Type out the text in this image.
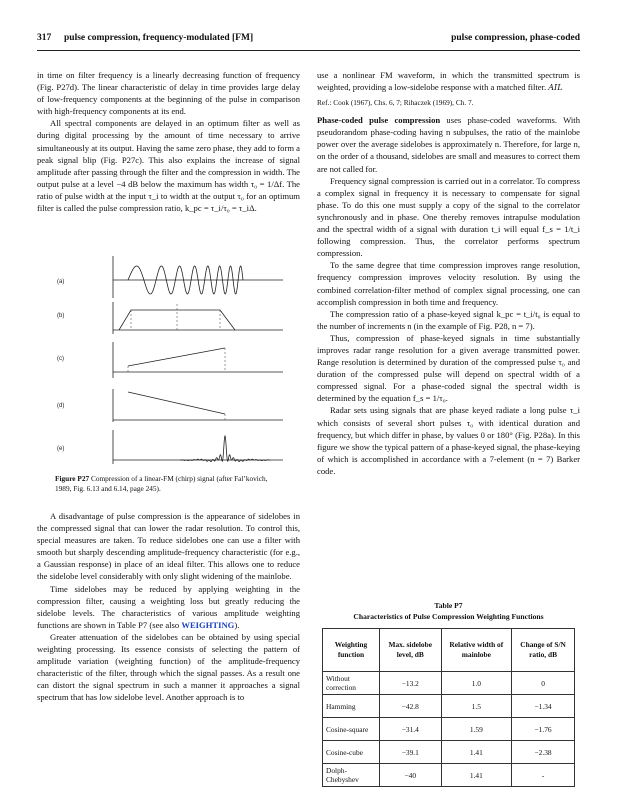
317 pulse compression, frequency-modulated [FM]	pulse compression, phase-coded

in time on filter frequency is a linearly decreasing function of frequency (Fig. P27d). The linear characteristic of delay in time provides large delay of low-frequency components at the beginning of the pulse in comparison with high-frequency components at its end.

All spectral components are delayed in an optimum filter as well as during digital processing by the amount of time necessary to arrive simultaneously at its output. Having the same zero phase, they add to form a peak signal blip (Fig. P27c). This also explains the increase of signal amplitude after passing through the filter and the compression in width. The output pulse at a level −4 dB below the maximum has width τ₀ = 1/Δf. The ratio of pulse width at the input τ_i to width at the output τ₀ for an optimum filter is called the pulse compression ratio, k_pc = τ_i/τ₀ = τ_iΔ.

(a)
(b)
(c)
(d)
(e)
Figure P27 Compression of a linear-FM (chirp) signal (after Fal’kovich, 1989, Fig. 6.13 and 6.14, page 245).

A disadvantage of pulse compression is the appearance of sidelobes in the compressed signal that can lower the radar resolution. To control this, special measures are taken. To reduce sidelobes one can use a filter with smooth but sharply descending amplitude-frequency characteristic (for e.g., a Gaussian response) in place of an ideal filter. This allows one to reduce the sidelobe level considerably with only slight widening of the mainlobe.

Time sidelobes may be reduced by applying weighting in the compression filter, causing a weighting loss but greatly reducing the sidelobe levels. The characteristics of various amplitude weighting functions are shown in Table P7 (see also WEIGHTING).

Greater attenuation of the sidelobes can be obtained by using special weighting processing. Its essence consists of selecting the pattern of amplitude variation (weighting function) of the amplitude-frequency characteristic of the filter, through which the signal passes. As a result one can distort the signal spectrum in such a manner it approaches a signal spectrum that has low sidelobe level. Another approach is to

use a nonlinear FM waveform, in which the transmitted spectrum is weighted, providing a low-sidelobe response with a matched filter. AIL

Ref.: Cook (1967), Chs. 6, 7; Rihaczek (1969), Ch. 7.

Phase-coded pulse compression uses phase-coded waveforms. With pseudorandom phase-coding having n subpulses, the ratio of the mainlobe power over the average sidelobes is approximately n. Therefore, for large n, on the order of a thousand, sidelobes are small and measures to correct them are not called for.

Frequency signal compression is carried out in a correlator. To compress a complex signal in frequency it is necessary to compensate for signal phase. To do this one must supply a copy of the signal to the correlator synchronously and in phase. One thereby removes intrapulse modulation and the spectral width of a signal with duration t_i will equal f_s = 1/t_i following compression. Thus, the correlator performs spectrum compression.

To the same degree that time compression improves range resolution, frequency compression improves velocity resolution. By using the combined correlation-filter method of complex signal processing, one can accomplish compression in both time and frequency.

The compression ratio of a phase-keyed signal k_pc = t_i/t₀ is equal to the number of increments n (in the example of Fig. P28, n = 7).

Thus, compression of phase-keyed signals in time substantially improves radar range resolution for a given average transmitted power. Range resolution is determined by duration of the compressed pulse τ₀ and duration of the compressed pulse will depend on spectral width of a compressed signal. For a phase-coded signal the spectral width is determined by the equation f_s = 1/τ₀.

Radar sets using signals that are phase keyed radiate a long pulse τ_i which consists of several short pulses τ₀ with identical duration and frequency, but which differ in phase, by values 0 or 180° (Fig. P28a). In this figure we show the typical pattern of a phase-keyed signal, the phase-keying of which is accomplished in accordance with a 7-element (n = 7) Barker code.

Table P7
Characteristics of Pulse Compression Weighting Functions
Weighting function	Max. sidelobe level, dB	Relative width of mainlobe	Change of S/N ratio, dB
Without correction	−13.2	1.0	0
Hamming	−42.8	1.5	−1.34
Cosine-square	−31.4	1.59	−1.76
Cosine-cube	−39.1	1.41	−2.38
Dolph-Chebyshev	−40	1.41	-
